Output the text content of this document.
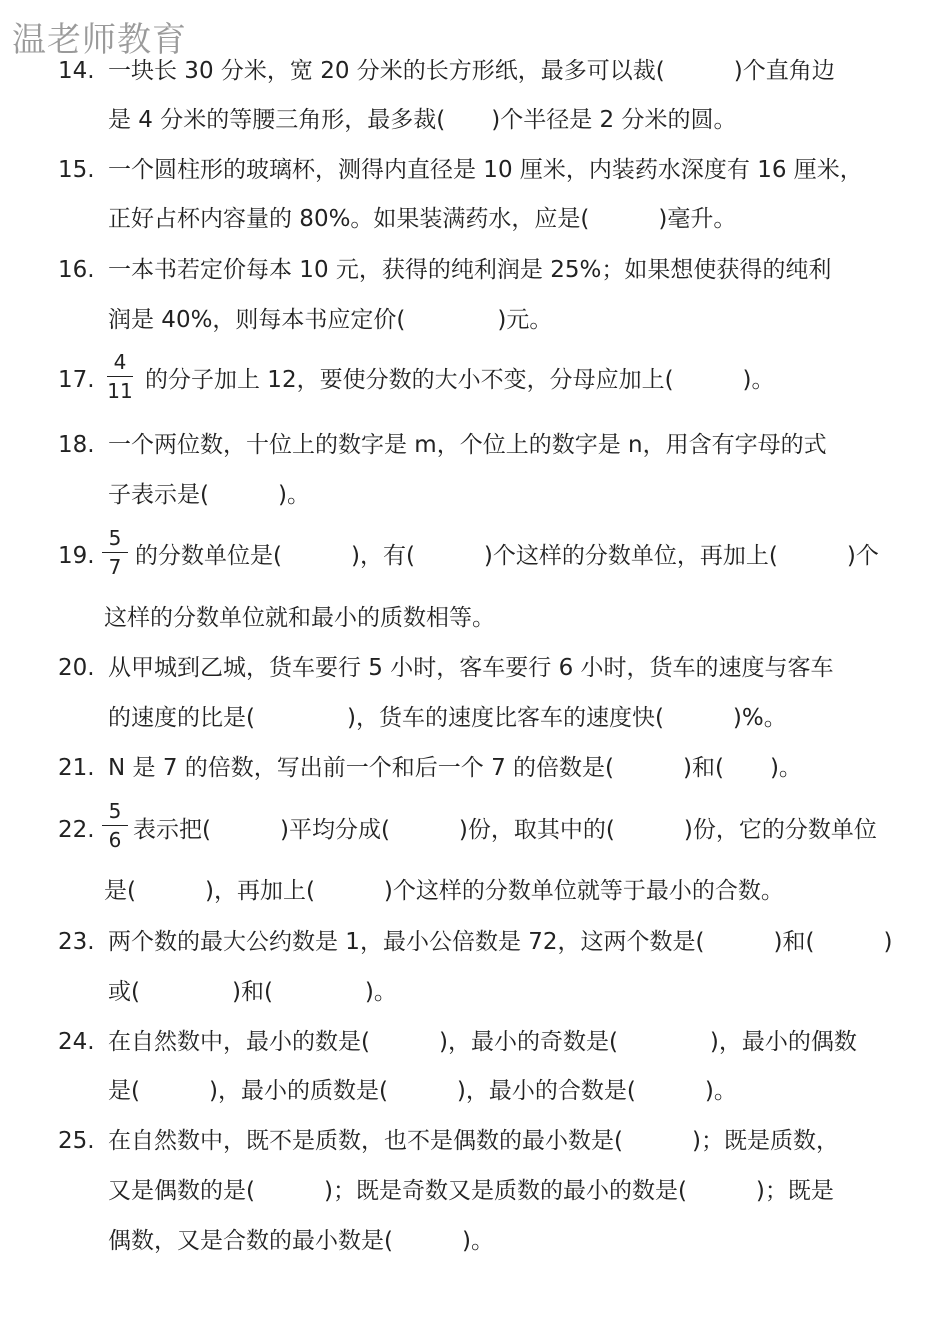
温老师教育
14. 一块长 30 分米，宽 20 分米的长方形纸，最多可以裁(　　　)个直角边
是 4 分米的等腰三角形，最多裁(　　)个半径是 2 分米的圆。
15. 一个圆柱形的玻璃杯，测得内直径是 10 厘米，内装药水深度有 16 厘米，
正好占杯内容量的 80%。如果装满药水，应是(　　　)毫升。
16. 一本书若定价每本 10 元，获得的纯利润是 25%；如果想使获得的纯利
润是 40%，则每本书应定价(　　　　)元。
17.
4
11 的分子加上 12，要使分数的大小不变，分母应加上(　　　)。
18. 一个两位数，十位上的数字是 m，个位上的数字是 n，用含有字母的式
子表示是(　　　)。
19.
5
7 的分数单位是(　　　)，有(　　　)个这样的分数单位，再加上(　　　)个
这样的分数单位就和最小的质数相等。
20. 从甲城到乙城，货车要行 5 小时，客车要行 6 小时，货车的速度与客车
的速度的比是(　　　　)，货车的速度比客车的速度快(　　　)%。
21. N 是 7 的倍数，写出前一个和后一个 7 的倍数是(　　　)和(　　)。
22.
5
6 表示把(　　　)平均分成(　　　)份，取其中的(　　　)份，它的分数单位
是(　　　)，再加上(　　　)个这样的分数单位就等于最小的合数。
23. 两个数的最大公约数是 1，最小公倍数是 72，这两个数是(　　　)和(　　　)
或(　　　　)和(　　　　)。
24. 在自然数中，最小的数是(　　　)，最小的奇数是(　　　　)，最小的偶数
是(　　　)，最小的质数是(　　　)，最小的合数是(　　　)。
25. 在自然数中，既不是质数，也不是偶数的最小数是(　　　)；既是质数，
又是偶数的是(　　　)；既是奇数又是质数的最小的数是(　　　)；既是
偶数，又是合数的最小数是(　　　)。
